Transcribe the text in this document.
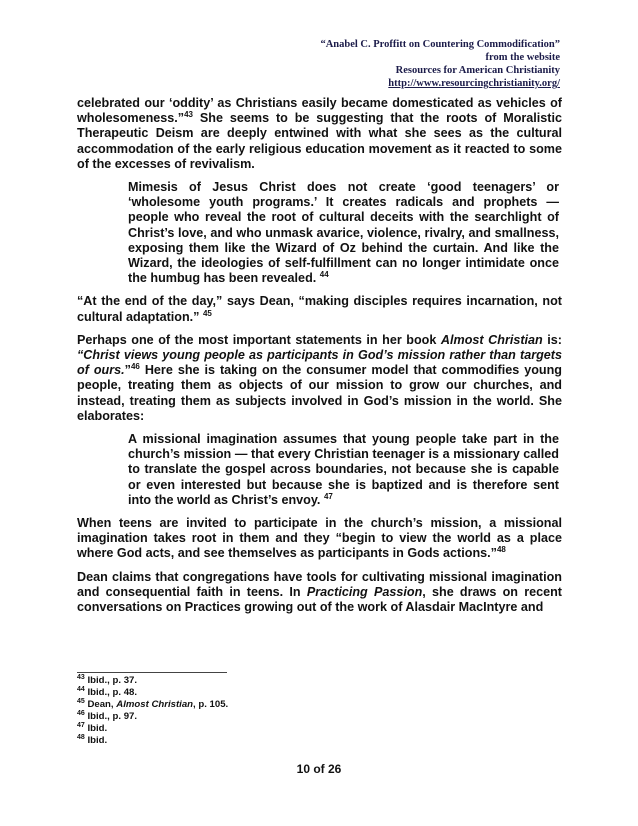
“Anabel C. Proffitt on Countering Commodification”
from the website
Resources for American Christianity
http://www.resourcingchristianity.org/

celebrated our ‘oddity’ as Christians easily became domesticated as vehicles of wholesomeness.”$^{43}$ She seems to be suggesting that the roots of Moralistic Therapeutic Deism are deeply entwined with what she sees as the cultural accommodation of the early religious education movement as it reacted to some of the excesses of revivalism.

Mimesis of Jesus Christ does not create ‘good teenagers’ or ‘wholesome youth programs.’ It creates radicals and prophets — people who reveal the root of cultural deceits with the searchlight of Christ’s love, and who unmask avarice, violence, rivalry, and smallness, exposing them like the Wizard of Oz behind the curtain. And like the Wizard, the ideologies of self-fulfillment can no longer intimidate once the humbug has been revealed. $^{44}$

“At the end of the day,” says Dean, “making disciples requires incarnation, not cultural adaptation.” $^{45}$

Perhaps one of the most important statements in her book Almost Christian is: “Christ views young people as participants in God’s mission rather than targets of ours.”$^{46}$ Here she is taking on the consumer model that commodifies young people, treating them as objects of our mission to grow our churches, and instead, treating them as subjects involved in God’s mission in the world. She elaborates:

A missional imagination assumes that young people take part in the church’s mission — that every Christian teenager is a missionary called to translate the gospel across boundaries, not because she is capable or even interested but because she is baptized and is therefore sent into the world as Christ’s envoy. $^{47}$

When teens are invited to participate in the church’s mission, a missional imagination takes root in them and they “begin to view the world as a place where God acts, and see themselves as participants in Gods actions.”$^{48}$

Dean claims that congregations have tools for cultivating missional imagination and consequential faith in teens. In Practicing Passion, she draws on recent conversations on Practices growing out of the work of Alasdair MacIntyre and

$^{43}$ Ibid., p. 37.
$^{44}$ Ibid., p. 48.
$^{45}$ Dean, Almost Christian, p. 105.
$^{46}$ Ibid., p. 97.
$^{47}$ Ibid.
$^{48}$ Ibid.
10 of 26
